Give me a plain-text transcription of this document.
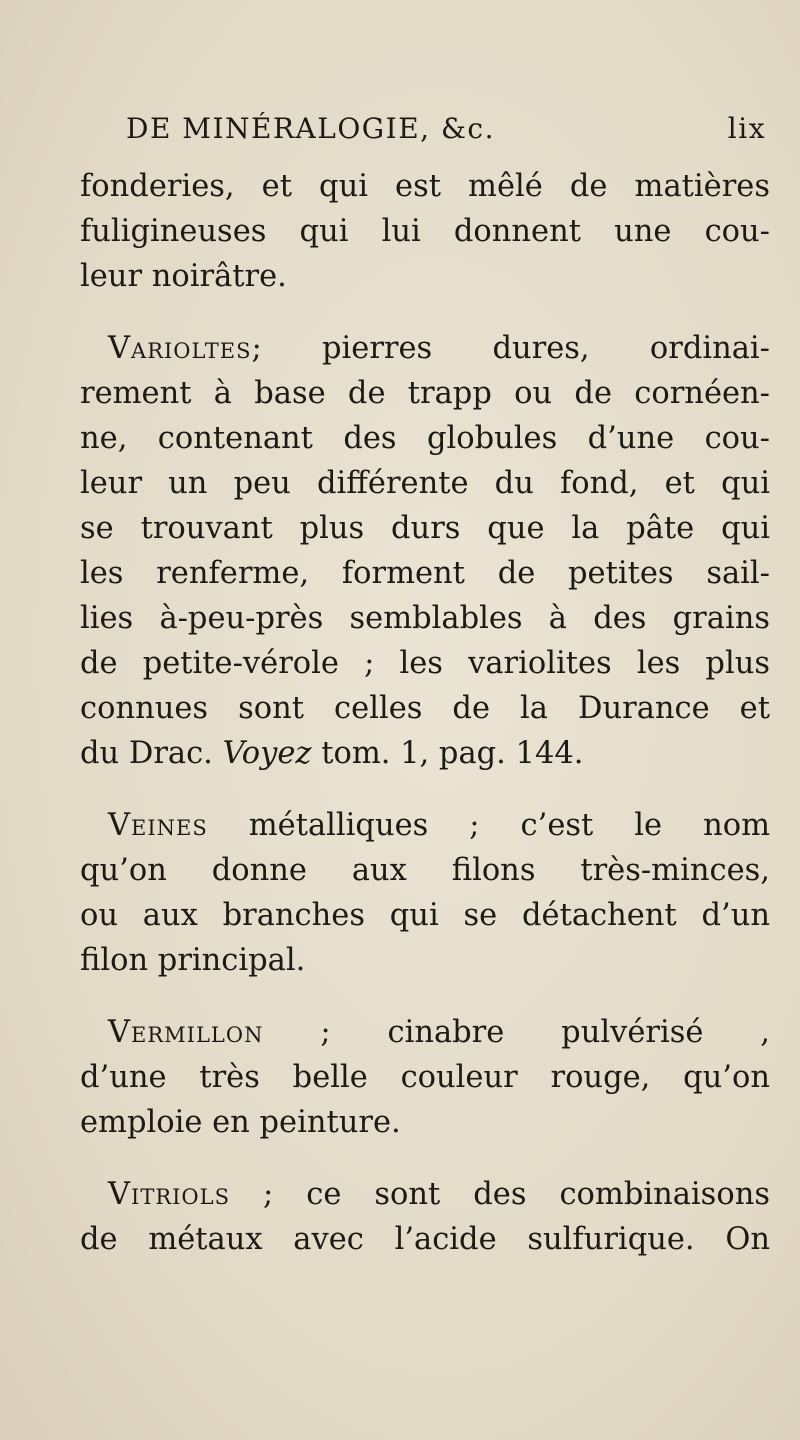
DE MINÉRALOGIE, &c.	lix
fonderies, et qui est mêlé de matières
fuligineuses qui lui donnent une cou-
leur noirâtre.
Varioltes; pierres dures, ordinai-
rement à base de trapp ou de cornéen-
ne, contenant des globules d’une cou-
leur un peu différente du fond, et qui
se trouvant plus durs que la pâte qui
les renferme, forment de petites sail-
lies à-peu-près semblables à des grains
de petite-vérole ; les variolites les plus
connues sont celles de la Durance et
du Drac. Voyez tom. 1, pag. 144.
Veines métalliques ; c’est le nom
qu’on donne aux filons très-minces,
ou aux branches qui se détachent d’un
filon principal.
Vermillon ; cinabre pulvérisé ,
d’une très belle couleur rouge, qu’on
emploie en peinture.
Vitriols ; ce sont des combinaisons
de métaux avec l’acide sulfurique. On
